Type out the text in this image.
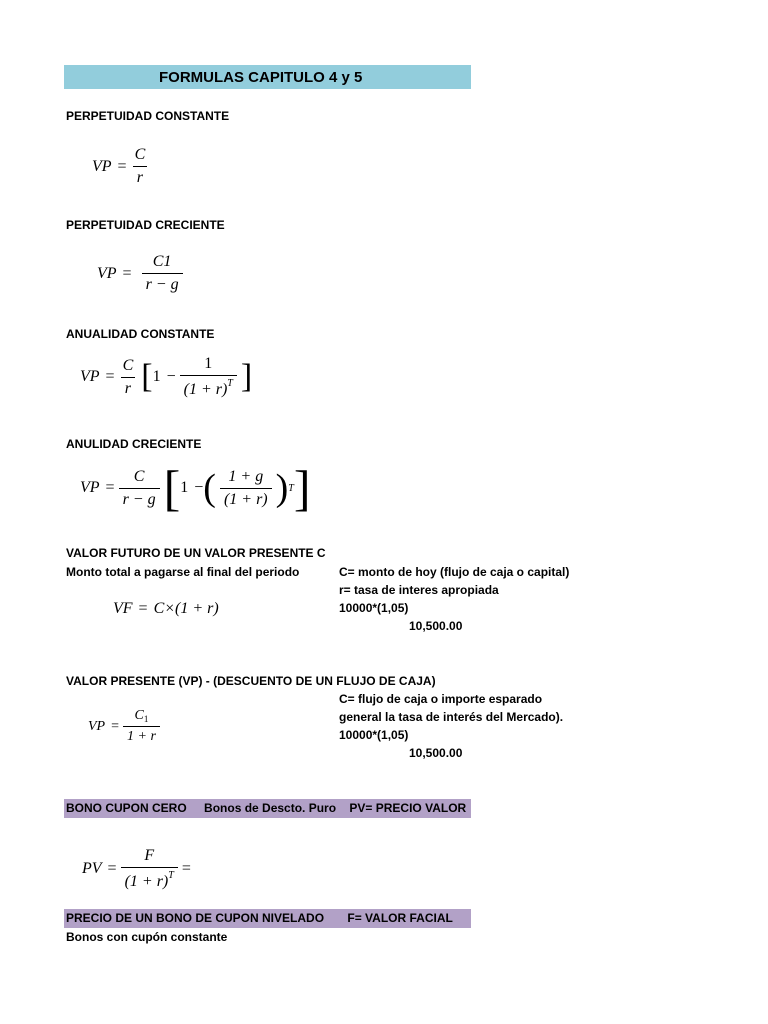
FORMULAS CAPITULO 4 y 5
PERPETUIDAD CONSTANTE
VP = $\frac{C}{r}$
PERPETUIDAD CRECIENTE
VP = $\frac{C1}{r - g}$
ANUALIDAD CONSTANTE
VP = $\frac{C}{r}$ [ $1 - \frac{1}{(1 + r)^T}$ ]
ANULIDAD CRECIENTE
VP = $\frac{C}{r - g}$ [ 1 − ( $\frac{1 + g}{(1 + r)}$ ) T ]
VALOR FUTURO DE UN VALOR PRESENTE C
Monto total a pagarse al final del periodo
VF = C×(1 + r)
C= monto de hoy (flujo de caja o capital)
r= tasa de interes apropiada
10000*(1,05)
10,500.00
VALOR PRESENTE (VP) - (DESCUENTO DE UN FLUJO DE CAJA)
VP = $\frac{C_1}{1 + r}$
C= flujo de caja o importe esparado
general la tasa de interés del Mercado).
10000*(1,05)
10,500.00
BONO CUPON CERO Bonos de Descto. Puro PV= PRECIO VALOR
PV = $\frac{F}{(1 + r)^T}$ =
PRECIO DE UN BONO DE CUPON NIVELADO F= VALOR FACIAL
Bonos con cupón constante
